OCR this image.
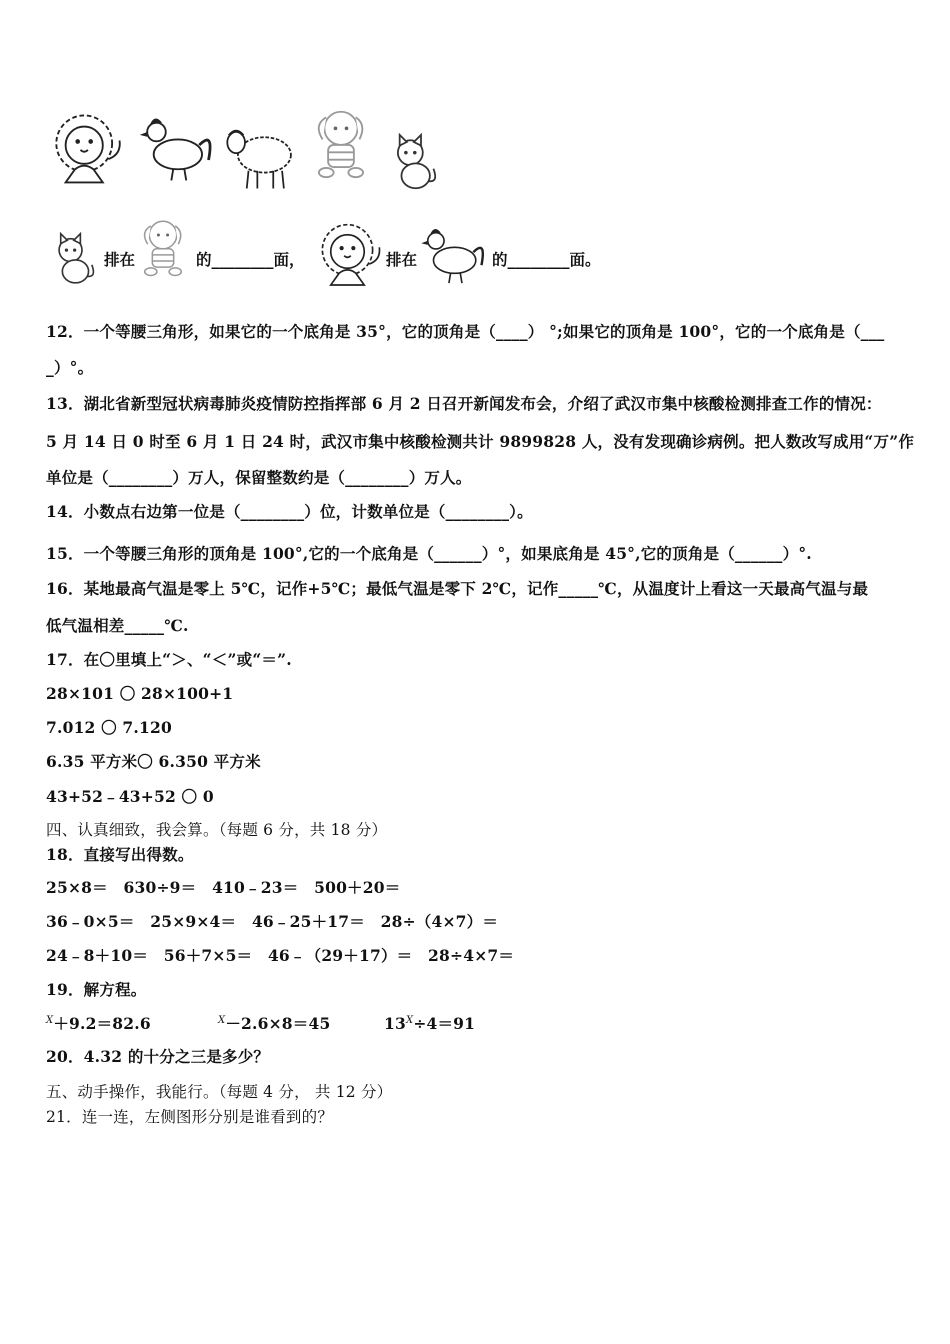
排在	的________面，	排在	的________面。
12．一个等腰三角形，如果它的一个底角是 35°，它的顶角是（____） °;如果它的顶角是 100°，它的一个底角是（___
_）°。
13．湖北省新型冠状病毒肺炎疫情防控指挥部 6 月 2 日召开新闻发布会，介绍了武汉市集中核酸检测排查工作的情况：
5 月 14 日 0 时至 6 月 1 日 24 时，武汉市集中核酸检测共计 9899828 人，没有发现确诊病例。把人数改写成用“万”作
单位是（________）万人，保留整数约是（________）万人。
14．小数点右边第一位是（________）位，计数单位是（________）。
15．一个等腰三角形的顶角是 100°,它的一个底角是（______）°，如果底角是 45°,它的顶角是（______）°.
16．某地最高气温是零上 5℃，记作+5℃；最低气温是零下 2℃，记作_____℃，从温度计上看这一天最高气温与最
低气温相差_____℃.
17．在〇里填上“＞、“＜”或“＝”.
28×101 〇 28×100+1
7.012 〇 7.120
6.35 平方米〇 6.350 平方米
43+52﹣43+52 〇 0
四、认真细致，我会算。（每题 6 分，共 18 分）
18．直接写出得数。
25×8＝　630÷9＝　410﹣23＝　500＋20＝
36﹣0×5＝　25×9×4＝　46﹣25＋17＝　28÷（4×7）＝
24﹣8＋10＝　56＋7×5＝　46﹣（29＋17）＝　28÷4×7＝
19．解方程。
$^X$＋9.2＝82.6	$^X$－2.6×8＝45	$13^X\div 4=91$
20．4.32 的十分之三是多少？
五、动手操作，我能行。（每题 4 分， 共 12 分）
21．连一连，左侧图形分别是谁看到的？
